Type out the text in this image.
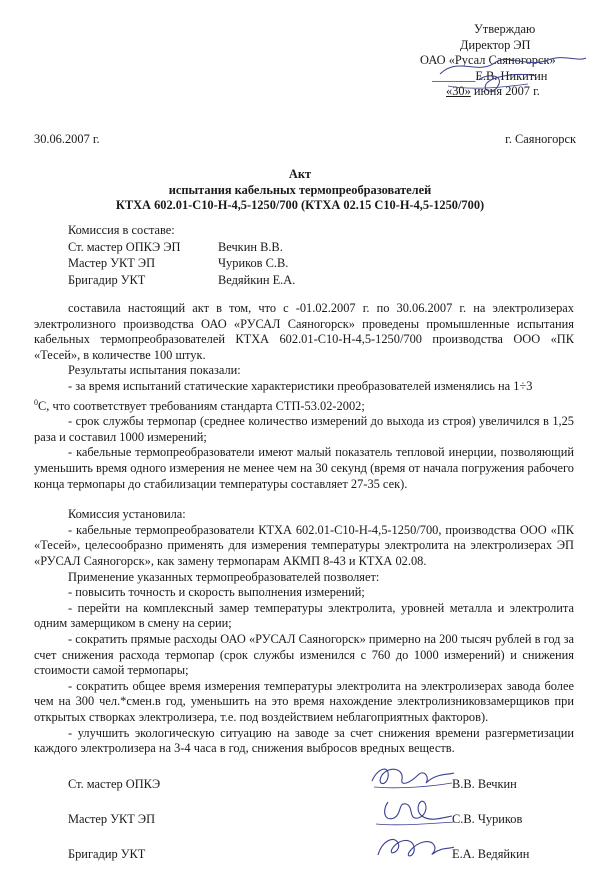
Утверждаю
Директор ЭП
ОАО «Русал Саяногорск»
_______Е.В. Никитин
«30» июня 2007 г.
30.06.2007 г.	г. Саяногорск
Акт
испытания кабельных термопреобразователей
КТХА 602.01-С10-Н-4,5-1250/700 (КТХА 02.15 С10-Н-4,5-1250/700)
Комиссия в составе:
Ст. мастер ОПКЭ ЭП	Вечкин В.В.
Мастер УКТ ЭП	Чуриков С.В.
Бригадир УКТ	Ведяйкин Е.А.

составила настоящий акт в том, что с -01.02.2007 г. по 30.06.2007 г. на электролизерах электролизного производства ОАО «РУСАЛ Саяногорск» проведены промышленные испытания кабельных термопреобразователей КТХА 602.01-С10-Н-4,5-1250/700 производства ООО «ПК «Тесей», в количестве 100 штук.

Результаты испытания показали:

- за время испытаний статические характеристики преобразователей изменялись на 1÷3
$^0$С, что соответствует требованиям стандарта СТП-53.02-2002;

- срок службы термопар (среднее количество измерений до выхода из строя) увеличился в 1,25 раза и составил 1000 измерений;

- кабельные термопреобразователи имеют малый показатель тепловой инерции, позволяющий уменьшить время одного измерения не менее чем на 30 секунд (время от начала погружения рабочего конца термопары до стабилизации температуры составляет 27-35 сек).

Комиссия установила:

- кабельные термопреобразователи КТХА 602.01-С10-Н-4,5-1250/700, производства ООО «ПК «Тесей», целесообразно применять для измерения температуры электролита на электролизерах ЭП «РУСАЛ Саяногорск», как замену термопарам АКМП 8-43 и КТХА 02.08.

Применение указанных термопреобразователей позволяет:

- повысить точность и скорость выполнения измерений;

- перейти на комплексный замер температуры электролита, уровней металла и электролита одним замерщиком в смену на серии;

- сократить прямые расходы ОАО «РУСАЛ Саяногорск» примерно на 200 тысяч рублей в год за счет снижения расхода термопар (срок службы изменился с 760 до 1000 измерений) и снижения стоимости самой термопары;

- сократить общее время измерения температуры электролита на электролизерах завода более чем на 300 чел.*смен.в год, уменьшить на это время нахождение электролизниковзамерщиков при открытых створках электролизера, т.е. под воздействием неблагоприятных факторов).

- улучшить экологическую ситуацию на заводе за счет снижения времени разгерметизации каждого электролизера на 3-4 часа в год, снижения выбросов вредных веществ.

Ст. мастер ОПКЭ	В.В. Вечкин
Мастер УКТ ЭП	С.В. Чуриков
Бригадир УКТ	Е.А. Ведяйкин
